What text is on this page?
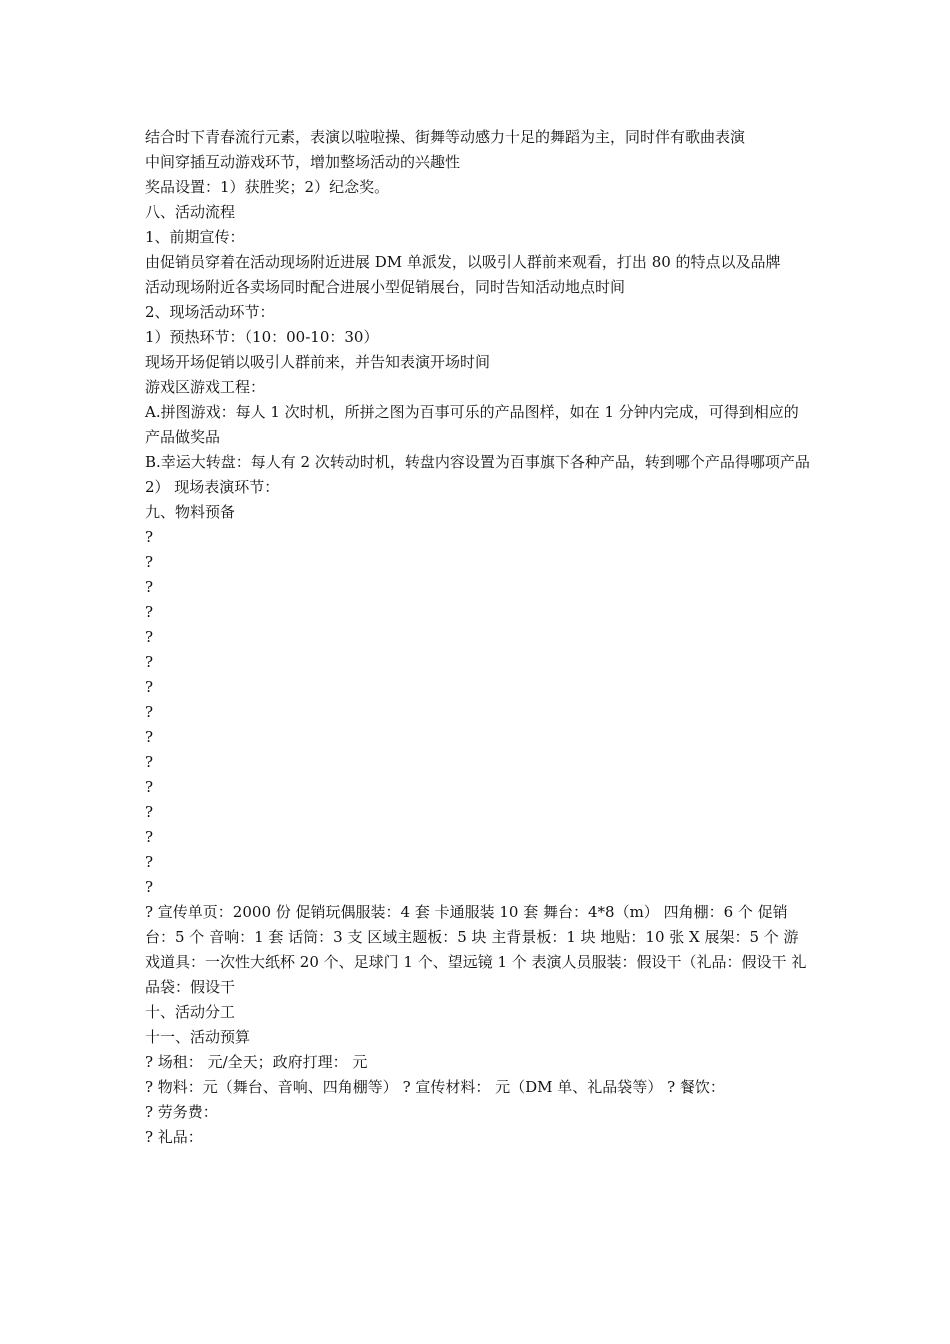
结合时下青春流行元素，表演以啦啦操、街舞等动感力十足的舞蹈为主，同时伴有歌曲表演

中间穿插互动游戏环节，增加整场活动的兴趣性

奖品设置：1）获胜奖；2）纪念奖。

八、活动流程

1、前期宣传：

由促销员穿着在活动现场附近进展 DM 单派发，以吸引人群前来观看，打出 80 的特点以及品牌

活动现场附近各卖场同时配合进展小型促销展台，同时告知活动地点时间

2、现场活动环节：

1）预热环节：（10：00-10：30）

现场开场促销以吸引人群前来，并告知表演开场时间

游戏区游戏工程：

A.拼图游戏：每人 1 次时机，所拼之图为百事可乐的产品图样，如在 1 分钟内完成，可得到相应的产品做奖品

B.幸运大转盘：每人有 2 次转动时机，转盘内容设置为百事旗下各种产品，转到哪个产品得哪项产品

2） 现场表演环节：

九、物料预备

?

?

?

?

?

?

?

?

?

?

?

?

?

?

?

? 宣传单页：2000 份 促销玩偶服装：4 套 卡通服装 10 套 舞台：4*8（m） 四角棚：6 个 促销台：5 个 音响：1 套 话筒：3 支 区域主题板：5 块 主背景板：1 块 地贴：10 张 X 展架：5 个 游戏道具：一次性大纸杯 20 个、足球门 1 个、望远镜 1 个 表演人员服装：假设干（礼品：假设干 礼品袋：假设干

十、活动分工

十一、活动预算

? 场租： 元/全天；政府打理： 元

? 物料：元（舞台、音响、四角棚等） ? 宣传材料： 元（DM 单、礼品袋等） ? 餐饮：

? 劳务费：

? 礼品：
